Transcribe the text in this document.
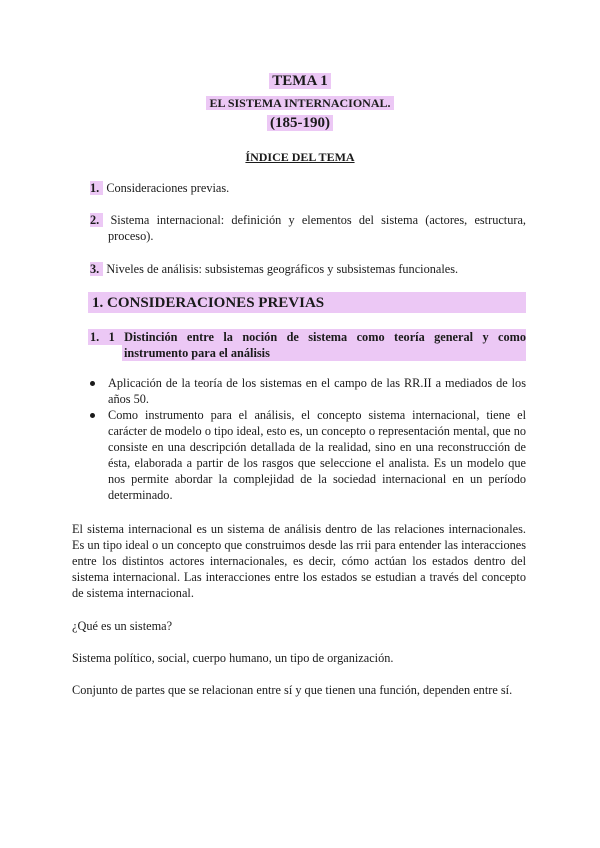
TEMA 1
EL SISTEMA INTERNACIONAL.
(185-190)
ÍNDICE DEL TEMA
1. Consideraciones previas.
2. Sistema internacional: definición y elementos del sistema (actores, estructura, proceso).
3. Niveles de análisis: subsistemas geográficos y subsistemas funcionales.
1. CONSIDERACIONES PREVIAS
1. 1 Distinción entre la noción de sistema como teoría general y como
instrumento para el análisis
Aplicación de la teoría de los sistemas en el campo de las RR.II a mediados de los años 50.
Como instrumento para el análisis, el concepto sistema internacional, tiene el carácter de modelo o tipo ideal, esto es, un concepto o representación mental, que no consiste en una descripción detallada de la realidad, sino en una reconstrucción de ésta, elaborada a partir de los rasgos que seleccione el analista. Es un modelo que nos permite abordar la complejidad de la sociedad internacional en un período determinado.

El sistema internacional es un sistema de análisis dentro de las relaciones internacionales. Es un tipo ideal o un concepto que construimos desde las rrii para entender las interacciones entre los distintos actores internacionales, es decir, cómo actúan los estados dentro del sistema internacional. Las interacciones entre los estados se estudian a través del concepto de sistema internacional.

¿Qué es un sistema?

Sistema político, social, cuerpo humano, un tipo de organización.

Conjunto de partes que se relacionan entre sí y que tienen una función, dependen entre sí.
